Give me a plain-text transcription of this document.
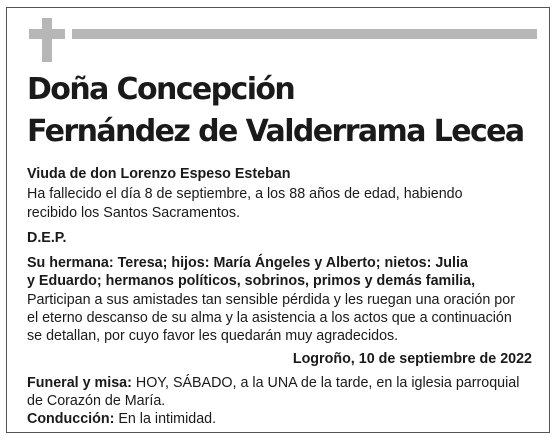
Doña Concepción
Fernández de Valderrama Lecea
Viuda de don Lorenzo Espeso Esteban
Ha fallecido el día 8 de septiembre, a los 88 años de edad, habiendo
recibido los Santos Sacramentos.
D.E.P.
Su hermana: Teresa; hijos: María Ángeles y Alberto; nietos: Julia
y Eduardo; hermanos políticos, sobrinos, primos y demás familia,
Participan a sus amistades tan sensible pérdida y les ruegan una oración por
el eterno descanso de su alma y la asistencia a los actos que a continuación
se detallan, por cuyo favor les quedarán muy agradecidos.
Logroño, 10 de septiembre de 2022
Funeral y misa: HOY, SÁBADO, a la UNA de la tarde, en la iglesia parroquial
de Corazón de María.
Conducción: En la intimidad.
